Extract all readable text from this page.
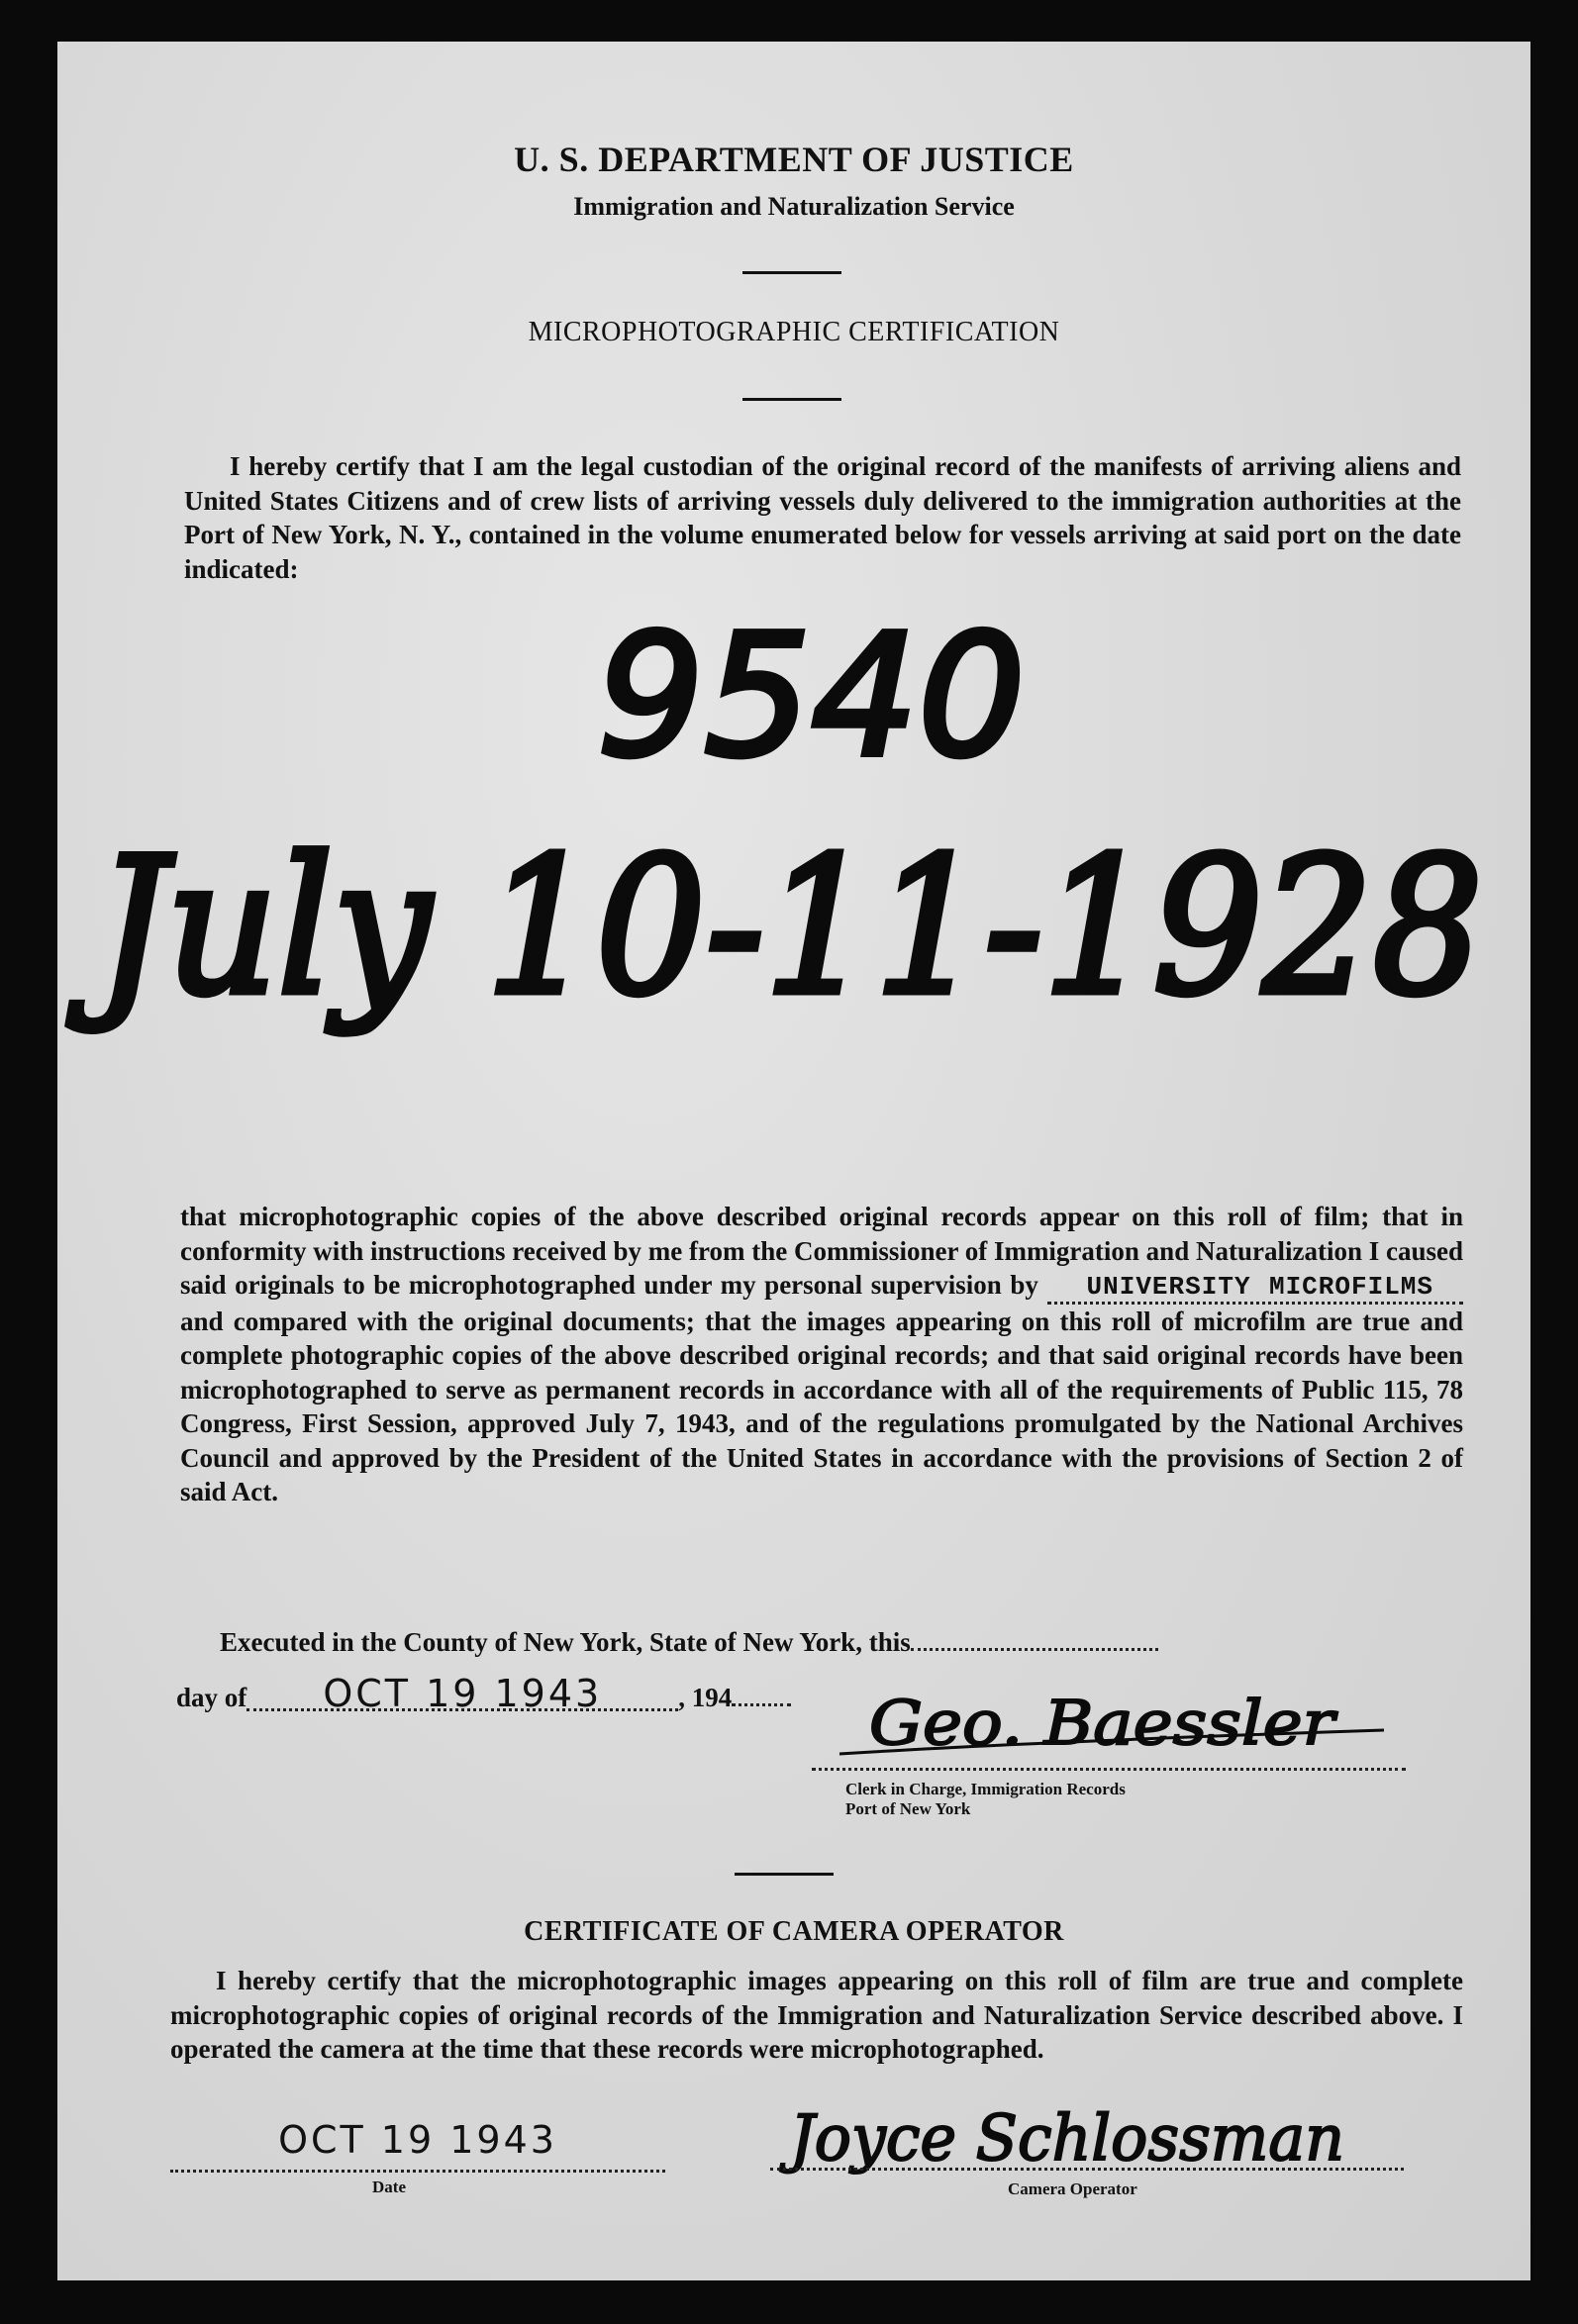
U. S. DEPARTMENT OF JUSTICE
Immigration and Naturalization Service
MICROPHOTOGRAPHIC CERTIFICATION

I hereby certify that I am the legal custodian of the original record of the manifests of arriving aliens and United States Citizens and of crew lists of arriving vessels duly delivered to the immigration authorities at the Port of New York, N. Y., contained in the volume enumerated below for vessels arriving at said port on the date indicated:

9540
July 10-11-1928

that microphotographic copies of the above described original records appear on this roll of film; that in conformity with instructions received by me from the Commissioner of Immigration and Naturalization I caused said originals to be microphotographed under my personal supervision by UNIVERSITY MICROFILMS and compared with the original documents; that the images appearing on this roll of microfilm are true and complete photographic copies of the above described original records; and that said original records have been microphotographed to serve as permanent records in accordance with all of the requirements of Public 115, 78 Congress, First Session, approved July 7, 1943, and of the regulations promulgated by the National Archives Council and approved by the President of the United States in accordance with the provisions of Section 2 of said Act.

Executed in the County of New York, State of New York, this
day of OCT 19 1943	, 194	Geo. Baessler
Clerk in Charge, Immigration Records
Port of New York
CERTIFICATE OF CAMERA OPERATOR

I hereby certify that the microphotographic images appearing on this roll of film are true and complete microphotographic copies of original records of the Immigration and Naturalization Service described above. I operated the camera at the time that these records were microphotographed.

OCT 19 1943
Date
Joyce Schlossman
Camera Operator
